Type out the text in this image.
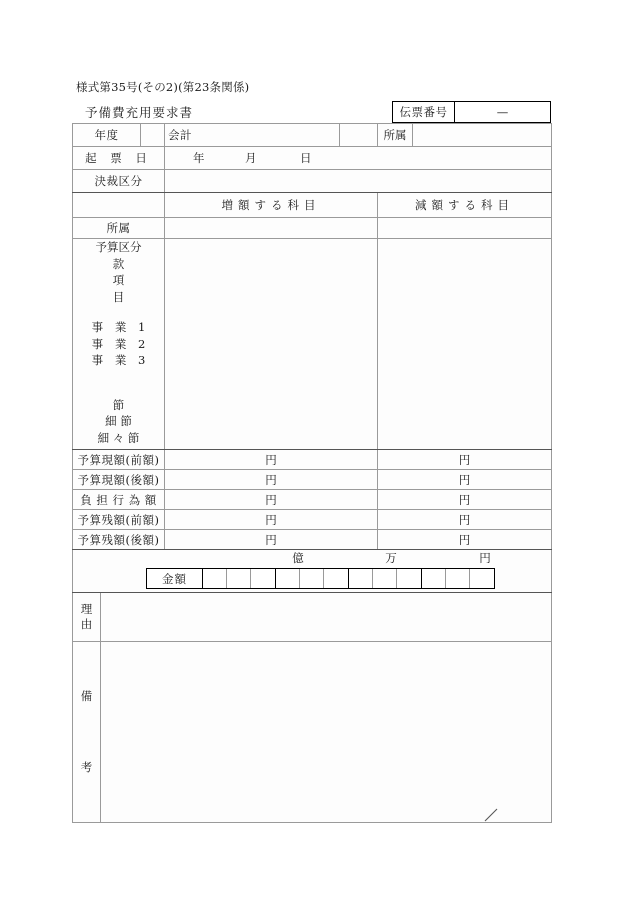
様式第35号(その2)(第23条関係)
予備費充用要求書	伝票番号	—
年度			会計		所属

起 票 日			年 月 日		

決裁区分					
			増額する科目		減額する科目
所属					

予算区分
款
項
目
事 業 1
事 業 2
事 業 3
節
細 節
細 々 節

予算現額(前額)			円		円
予算現額(後額)			円		円
負 担 行 為 額			円		円
予算残額(前額)			円		円
予算残額(後額)			円		円

億 万 円
金額					

理
由					

備
考					
